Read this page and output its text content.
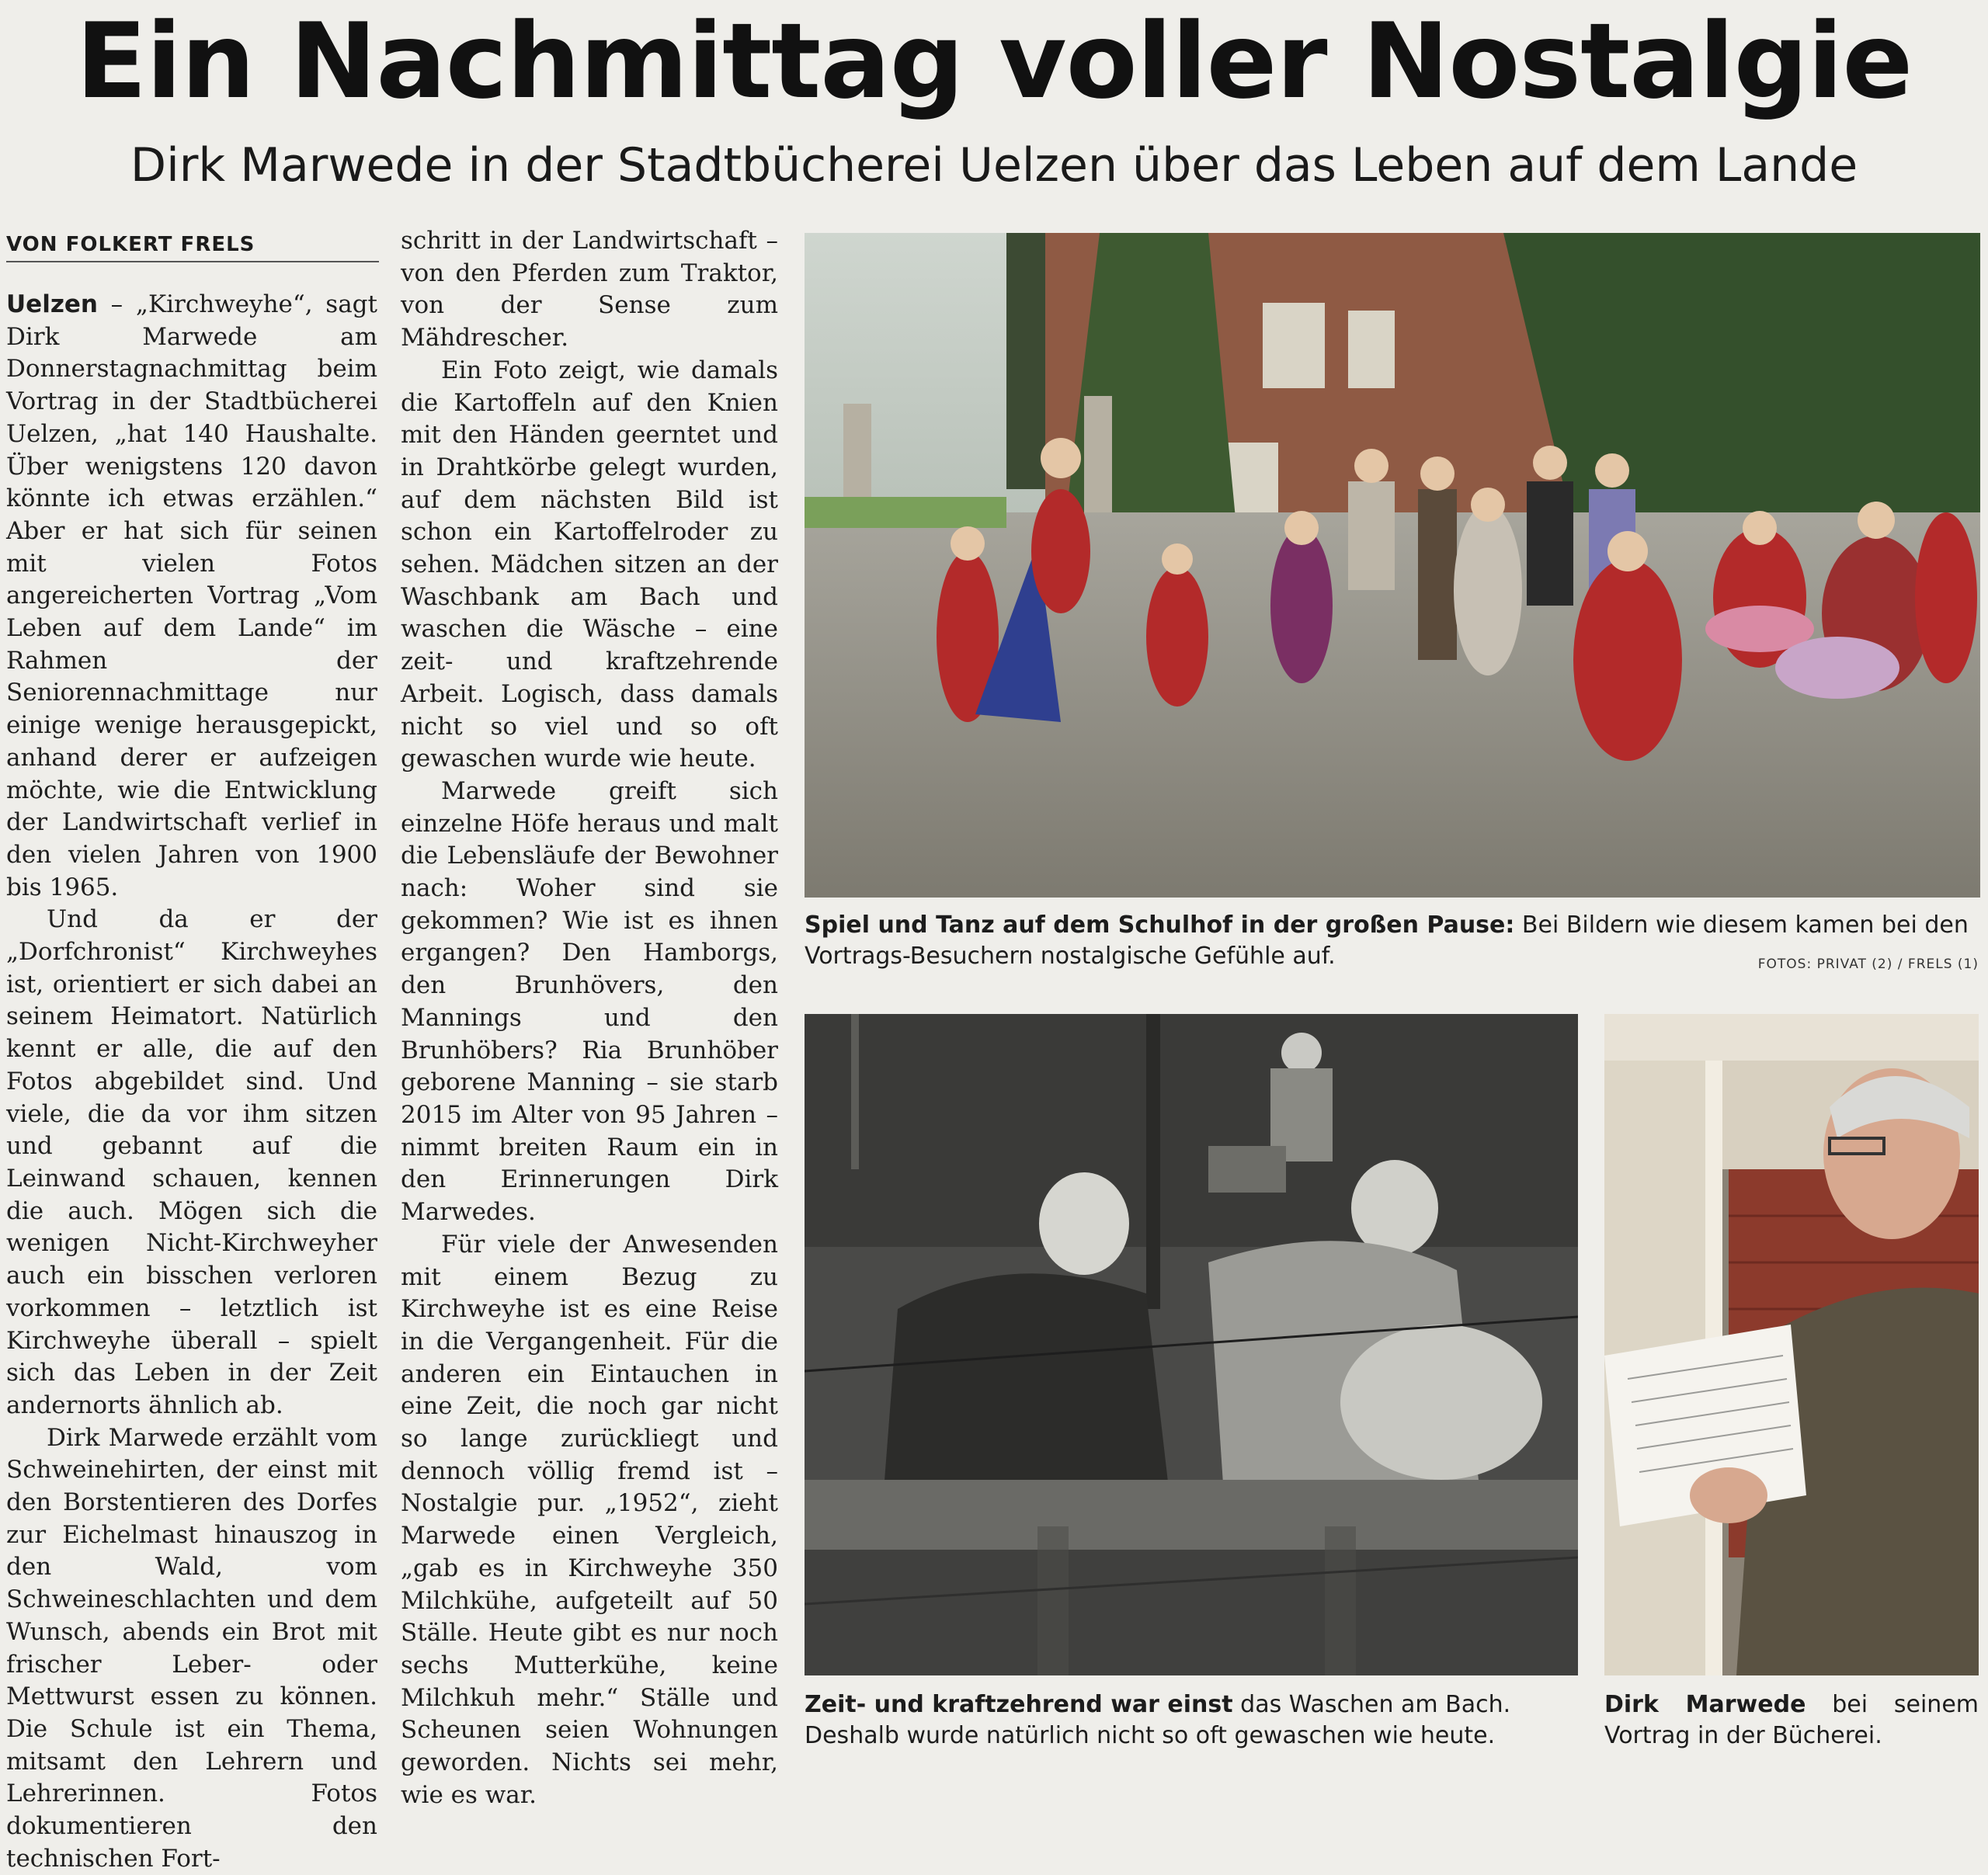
Ein Nachmittag voller Nostalgie
Dirk Marwede in der Stadtbücherei Uelzen über das Leben auf dem Lande
VON FOLKERT FRELS

Uelzen – „Kirchweyhe“, sagt Dirk Marwede am Donnerstagnachmittag beim Vortrag in der Stadtbücherei Uelzen, „hat 140 Haushalte. Über wenigstens 120 davon könnte ich etwas erzählen.“ Aber er hat sich für seinen mit vielen Fotos angereicherten Vortrag „Vom Leben auf dem Lande“ im Rahmen der Seniorennachmittage nur einige wenige herausgepickt, anhand derer er aufzeigen möchte, wie die Entwicklung der Landwirtschaft verlief in den vielen Jahren von 1900 bis 1965.

Und da er der „Dorfchronist“ Kirchweyhes ist, orientiert er sich dabei an seinem Heimatort. Natürlich kennt er alle, die auf den Fotos abgebildet sind. Und viele, die da vor ihm sitzen und gebannt auf die Leinwand schauen, kennen die auch. Mögen sich die wenigen Nicht-Kirchweyher auch ein bisschen verloren vorkommen – letztlich ist Kirchweyhe überall – spielt sich das Leben in der Zeit andernorts ähnlich ab.

Dirk Marwede erzählt vom Schweinehirten, der einst mit den Borstentieren des Dorfes zur Eichelmast hinauszog in den Wald, vom Schweineschlachten und dem Wunsch, abends ein Brot mit frischer Leber- oder Mettwurst essen zu können. Die Schule ist ein Thema, mitsamt den Lehrern und Lehrerinnen. Fotos dokumentieren den technischen Fort-

schritt in der Landwirtschaft – von den Pferden zum Traktor, von der Sense zum Mähdrescher.

Ein Foto zeigt, wie damals die Kartoffeln auf den Knien mit den Händen geerntet und in Drahtkörbe gelegt wurden, auf dem nächsten Bild ist schon ein Kartoffelroder zu sehen. Mädchen sitzen an der Waschbank am Bach und waschen die Wäsche – eine zeit- und kraftzehrende Arbeit. Logisch, dass damals nicht so viel und so oft gewaschen wurde wie heute.

Marwede greift sich einzelne Höfe heraus und malt die Lebensläufe der Bewohner nach: Woher sind sie gekommen? Wie ist es ihnen ergangen? Den Hamborgs, den Brunhövers, den Mannings und den Brunhöbers? Ria Brunhöber geborene Manning – sie starb 2015 im Alter von 95 Jahren – nimmt breiten Raum ein in den Erinnerungen Dirk Marwedes.

Für viele der Anwesenden mit einem Bezug zu Kirchweyhe ist es eine Reise in die Vergangenheit. Für die anderen ein Eintauchen in eine Zeit, die noch gar nicht so lange zurückliegt und dennoch völlig fremd ist – Nostalgie pur. „1952“, zieht Marwede einen Vergleich, „gab es in Kirchweyhe 350 Milchkühe, aufgeteilt auf 50 Ställe. Heute gibt es nur noch sechs Mutterkühe, keine Milchkuh mehr.“ Ställe und Scheunen seien Wohnungen geworden. Nichts sei mehr, wie es war.

Spiel und Tanz auf dem Schulhof in der großen Pause: Bei Bildern wie diesem kamen bei den Vortrags-Besuchern nostalgische Gefühle auf.	FOTOS: PRIVAT (2) / FRELS (1)
Zeit- und kraftzehrend war einst das Waschen am Bach. Deshalb wurde natürlich nicht so oft gewaschen wie heute.
Dirk Marwede bei seinem Vortrag in der Bücherei.
